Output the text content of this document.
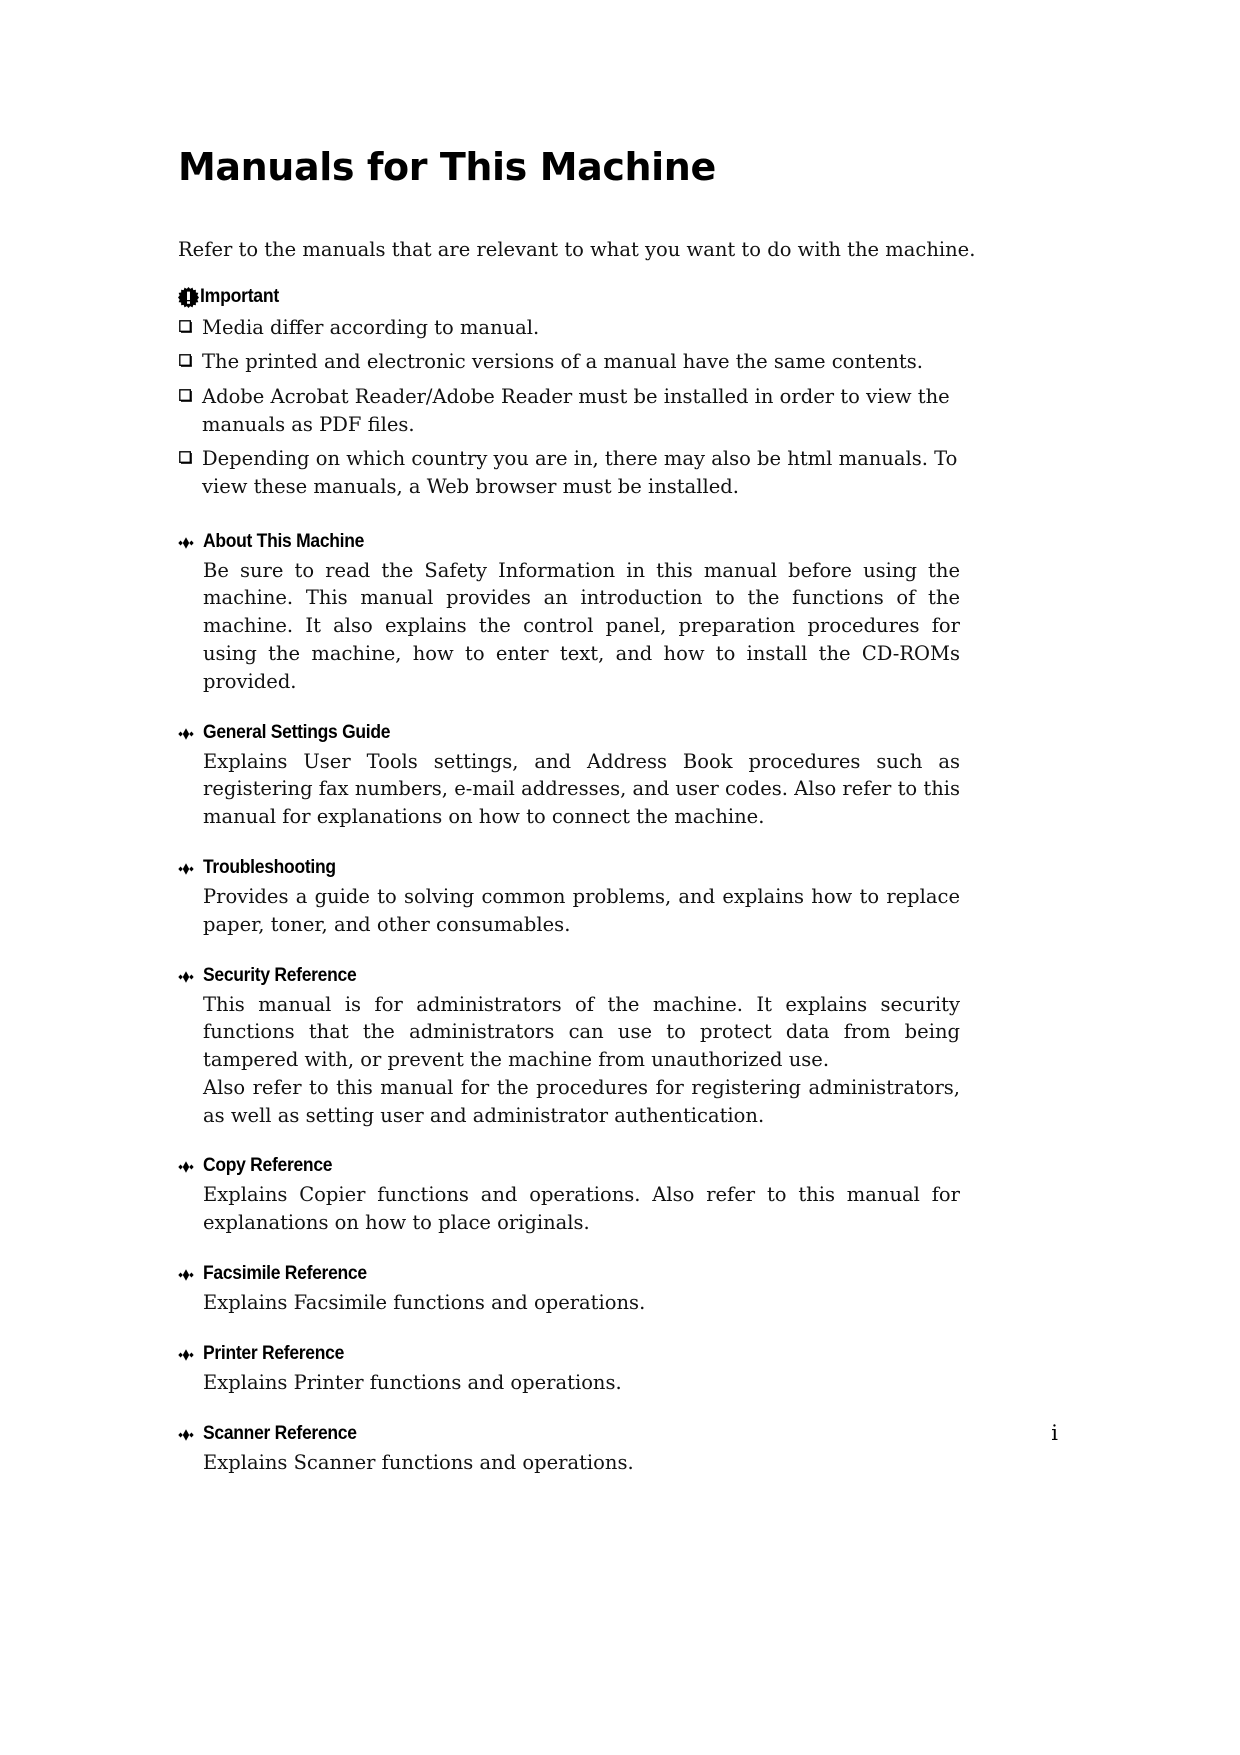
Manuals for This Machine

Refer to the manuals that are relevant to what you want to do with the machine.

Important
Media differ according to manual.
The printed and electronic versions of a manual have the same contents.
Adobe Acrobat Reader/Adobe Reader must be installed in order to view the manuals as PDF files.
Depending on which country you are in, there may also be html manuals. To view these manuals, a Web browser must be installed.
About This Machine

Be sure to read the Safety Information in this manual before using the machine. This manual provides an introduction to the functions of the machine. It also explains the control panel, preparation procedures for using the machine, how to enter text, and how to install the CD-ROMs provided.

General Settings Guide

Explains User Tools settings, and Address Book procedures such as registering fax numbers, e-mail addresses, and user codes. Also refer to this manual for explanations on how to connect the machine.

Troubleshooting

Provides a guide to solving common problems, and explains how to replace paper, toner, and other consumables.

Security Reference

This manual is for administrators of the machine. It explains security functions that the administrators can use to protect data from being tampered with, or prevent the machine from unauthorized use.

Also refer to this manual for the procedures for registering administrators, as well as setting user and administrator authentication.

Copy Reference

Explains Copier functions and operations. Also refer to this manual for explanations on how to place originals.

Facsimile Reference

Explains Facsimile functions and operations.

Printer Reference

Explains Printer functions and operations.

Scanner Reference

Explains Scanner functions and operations.

i
